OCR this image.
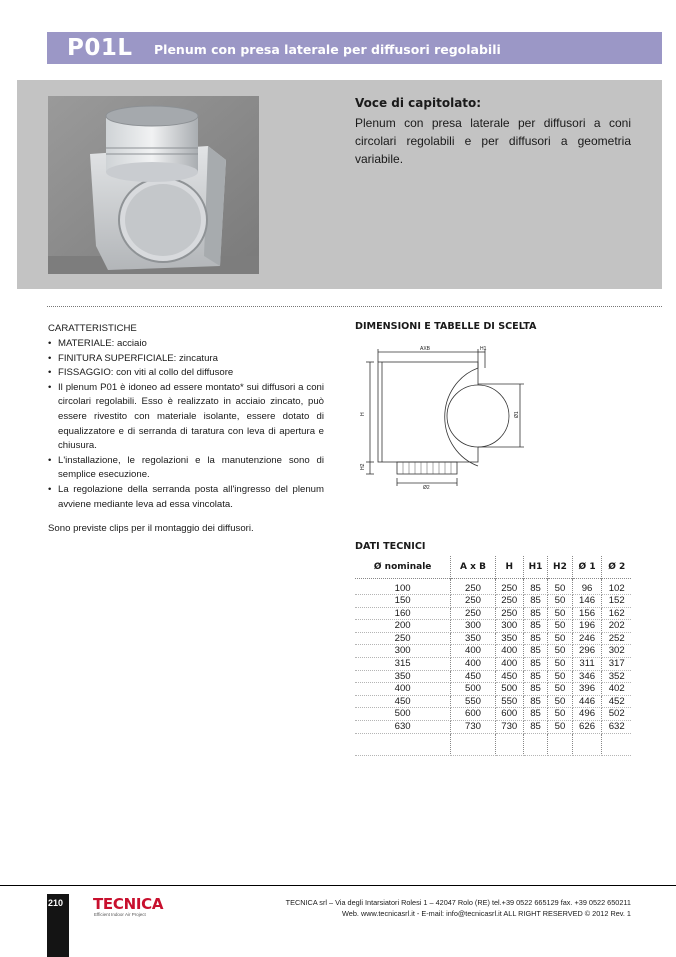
P01L Plenum con presa laterale per diffusori regolabili
Voce di capitolato:
Plenum con presa laterale per diffusori a coni circolari regolabili e per diffusori a geometria variabile.
CARATTERISTICHE
• MATERIALE: acciaio
• FINITURA SUPERFICIALE: zincatura
• FISSAGGIO: con viti al collo del diffusore
• Il plenum P01 è idoneo ad essere montato* sui diffusori a coni circolari regolabili. Esso è realizzato in acciaio zincato, può essere rivestito con materiale isolante, essere dotato di equalizzatore e di serranda di taratura con leva di apertura e chiusura.
• L'installazione, le regolazioni e la manutenzione sono di semplice esecuzione.
• La regolazione della serranda posta all'ingresso del plenum avviene mediante leva ad essa vincolata.
Sono previste clips per il montaggio dei diffusori.
DIMENSIONI E TABELLE DI SCELTA
AXB	H1
H	Ø1
H2
Ø2
DATI TECNICI
Ø nominale	A x B	H	H1	H2	Ø 1	Ø 2
100	250	250	85	50	96	102
150	250	250	85	50	146	152
160	250	250	85	50	156	162
200	300	300	85	50	196	202
250	350	350	85	50	246	252
300	400	400	85	50	296	302
315	400	400	85	50	311	317
350	450	450	85	50	346	352
400	500	500	85	50	396	402
450	550	550	85	50	446	452
500	600	600	85	50	496	502
630	730	730	85	50	626	632

210 TECNICA
Efficient Indoor Air Project
TECNICA srl – Via degli Intarsiatori Rolesi 1 – 42047 Rolo (RE) tel.+39 0522 665129 fax. +39 0522 650211
Web. www.tecnicasrl.it - E-mail: info@tecnicasrl.it ALL RIGHT RESERVED © 2012 Rev. 1
